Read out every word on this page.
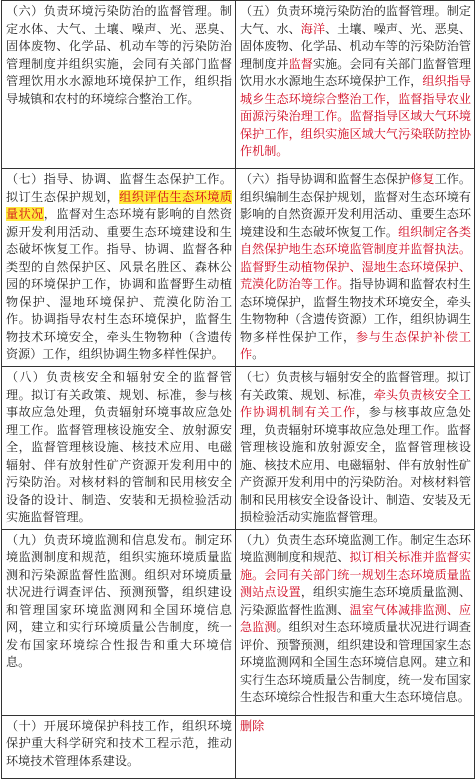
（六）负责环境污染防治的监督管理。制定水体、大气、土壤、噪声、光、恶臭、固体废物、化学品、机动车等的污染防治管理制度并组织实施，会同有关部门监督管理饮用水水源地环境保护工作，组织指导城镇和农村的环境综合整治工作。	（五）负责环境污染防治的监督管理。制定大气、水、海洋、土壤、噪声、光、恶臭、固体废物、化学品、机动车等的污染防治管理制度并监督实施。会同有关部门监督管理饮用水水源地生态环境保护工作，组织指导城乡生态环境综合整治工作，监督指导农业面源污染治理工作。监督指导区域大气环境保护工作，组织实施区域大气污染联防控协作机制。
（七）指导、协调、监督生态保护工作。拟订生态保护规划，组织评估生态环境质量状况，监督对生态环境有影响的自然资源开发利用活动、重要生态环境建设和生态破坏恢复工作。指导、协调、监督各种类型的自然保护区、风景名胜区、森林公园的环境保护工作，协调和监督野生动植物保护、湿地环境保护、荒漠化防治工作。协调指导农村生态环境保护，监督生物技术环境安全，牵头生物物种（含遗传资源）工作，组织协调生物多样性保护。	（六）指导协调和监督生态保护修复工作。组织编制生态保护规划，监督对生态环境有影响的自然资源开发利用活动、重要生态环境建设和生态破坏恢复工作。组织制定各类自然保护地生态环境监管制度并监督执法。监督野生动植物保护、湿地生态环境保护、荒漠化防治等工作。指导协调和监督农村生态环境保护，监督生物技术环境安全，牵头生物物种（含遗传资源）工作，组织协调生物多样性保护工作，参与生态保护补偿工作。
（八）负责核安全和辐射安全的监督管理。拟订有关政策、规划、标准，参与核事故应急处理，负责辐射环境事故应急处理工作。监督管理核设施安全、放射源安全，监督管理核设施、核技术应用、电磁辐射、伴有放射性矿产资源开发利用中的污染防治。对核材料的管制和民用核安全设备的设计、制造、安装和无损检验活动实施监督管理。	（七）负责核与辐射安全的监督管理。拟订有关政策、规划、标准，牵头负责核安全工作协调机制有关工作，参与核事故应急处理，负责辐射环境事故应急处理工作。监督管理核设施和放射源安全，监督管理核设施、核技术应用、电磁辐射、伴有放射性矿产资源开发利用中的污染防治。对核材料管制和民用核安全设备设计、制造、安装及无损检验活动实施监督管理。
（九）负责环境监测和信息发布。制定环境监测制度和规范，组织实施环境质量监测和污染源监督性监测。组织对环境质量状况进行调查评估、预测预警，组织建设和管理国家环境监测网和全国环境信息网，建立和实行环境质量公告制度，统一发布国家环境综合性报告和重大环境信息。	（九）负责生态环境监测工作。制定生态环境监测制度和规范、拟订相关标准并监督实施。会同有关部门统一规划生态环境质量监测站点设置，组织实施生态环境质量监测、污染源监督性监测、温室气体减排监测、应急监测。组织对生态环境质量状况进行调查评价、预警预测，组织建设和管理国家生态环境监测网和全国生态环境信息网。建立和实行生态环境质量公告制度，统一发布国家生态环境综合性报告和重大生态环境信息。
（十）开展环境保护科技工作，组织环境保护重大科学研究和技术工程示范，推动环境技术管理体系建设。	删除
